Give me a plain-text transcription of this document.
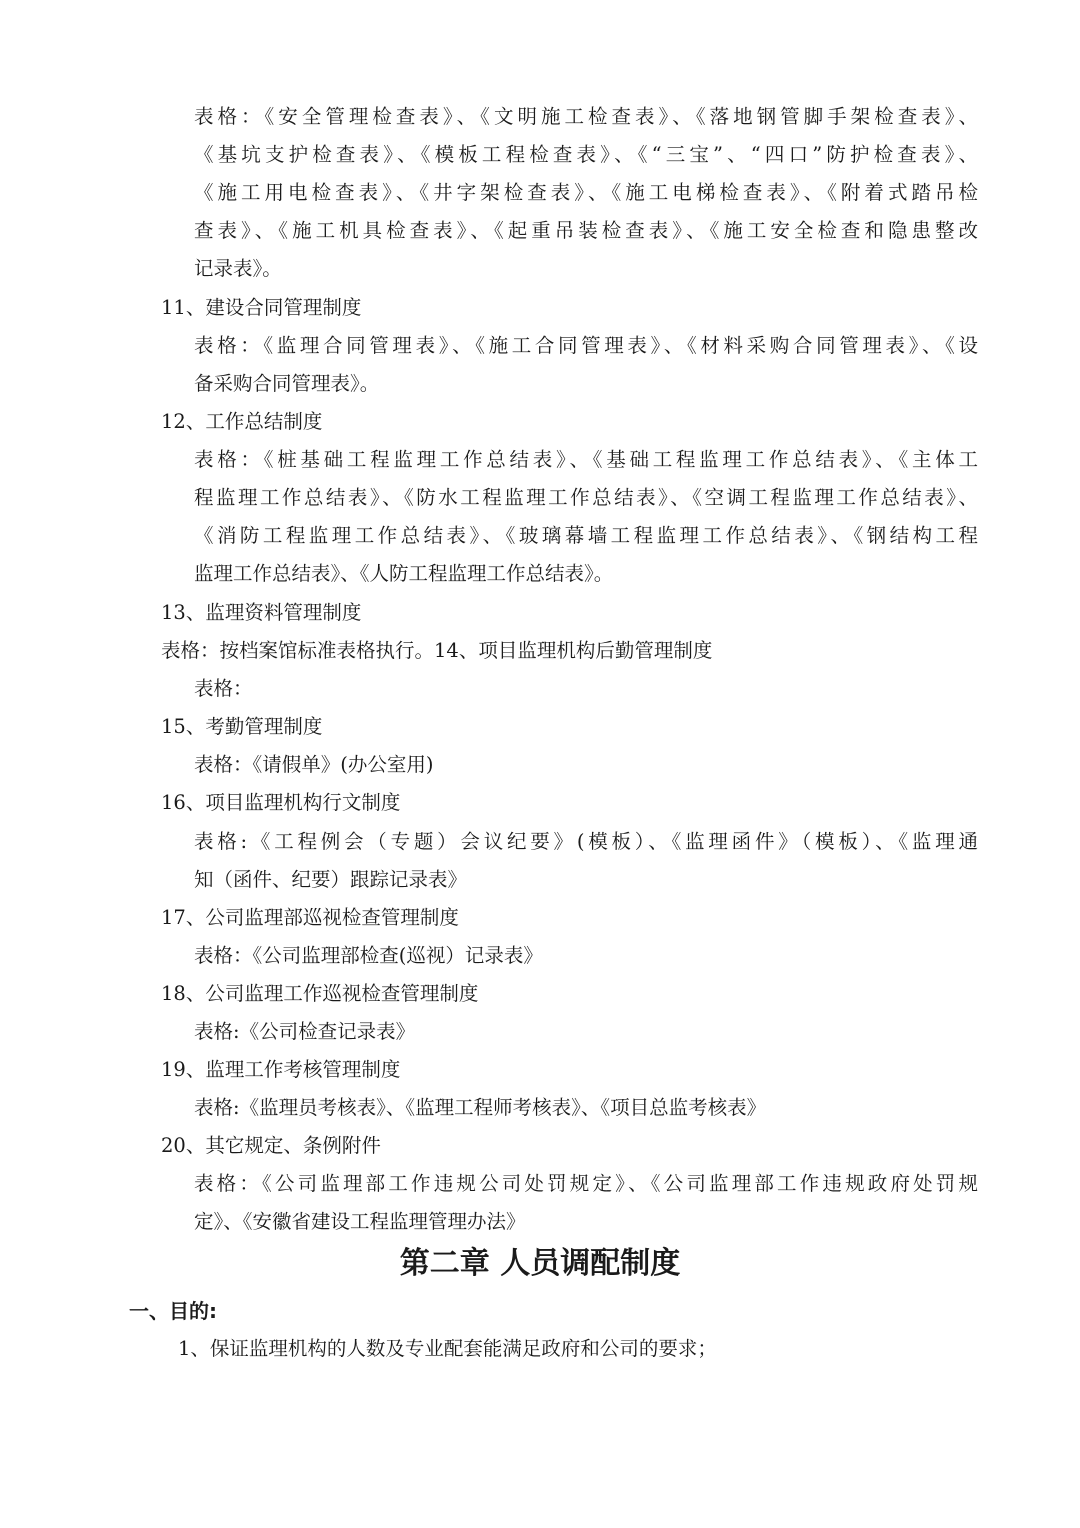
表格：《安全管理检查表》、《文明施工检查表》、《落地钢管脚手架检查表》、
《基坑支护检查表》、《模板工程检查表》、《“三宝”、“四口”防护检查表》、
《施工用电检查表》、《井字架检查表》、《施工电梯检查表》、《附着式踏吊检
查表》、《施工机具检查表》、《起重吊装检查表》、《施工安全检查和隐患整改
记录表》。
11、建设合同管理制度
表格：《监理合同管理表》、《施工合同管理表》、《材料采购合同管理表》、《设
备采购合同管理表》。
12、工作总结制度
表格：《桩基础工程监理工作总结表》、《基础工程监理工作总结表》、《主体工
程监理工作总结表》、《防水工程监理工作总结表》、《空调工程监理工作总结表》、
《消防工程监理工作总结表》、《玻璃幕墙工程监理工作总结表》、《钢结构工程
监理工作总结表》、《人防工程监理工作总结表》。
13、监理资料管理制度
表格：按档案馆标准表格执行。14、项目监理机构后勤管理制度
表格：
15、考勤管理制度
表格：《请假单》(办公室用)
16、项目监理机构行文制度
表格:《工程例会（专题）会议纪要》(模板）、《监理函件》（模板）、《监理通
知（函件、纪要）跟踪记录表》
17、公司监理部巡视检查管理制度
表格：《公司监理部检查(巡视）记录表》
18、公司监理工作巡视检查管理制度
表格:《公司检查记录表》
19、监理工作考核管理制度
表格:《监理员考核表》、《监理工程师考核表》、《项目总监考核表》
20、其它规定、条例附件
表格：《公司监理部工作违规公司处罚规定》、《公司监理部工作违规政府处罚规
定》、《安徽省建设工程监理管理办法》
第二章 人员调配制度
一、目的:
1、保证监理机构的人数及专业配套能满足政府和公司的要求；
